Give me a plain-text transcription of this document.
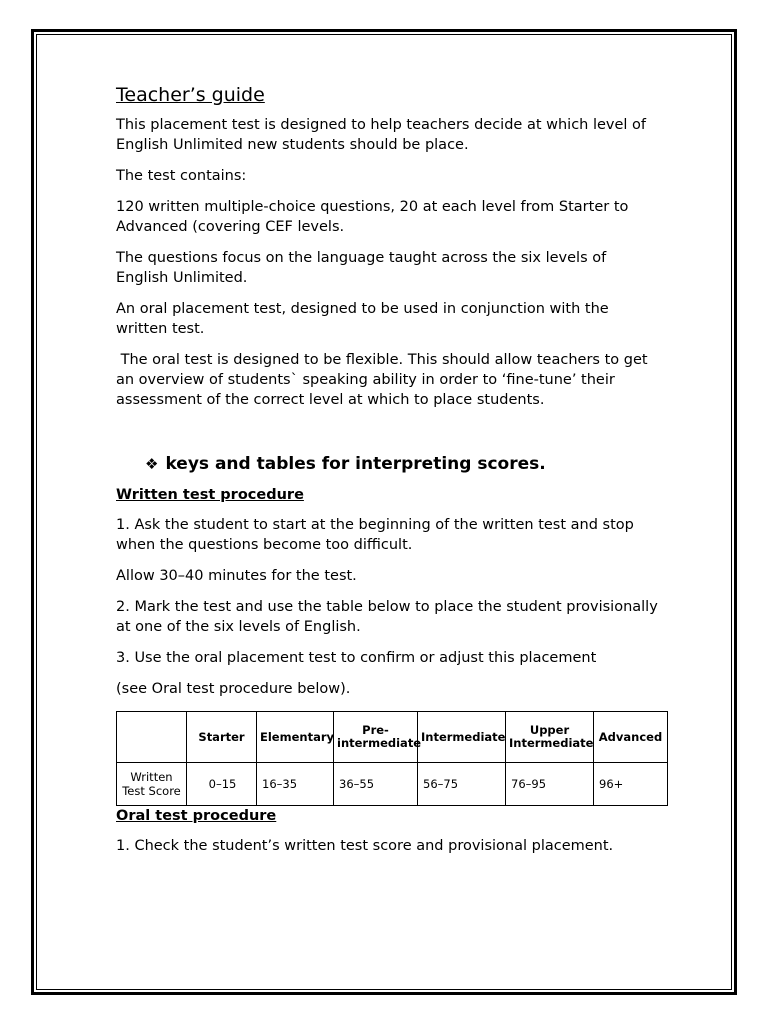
Teacher’s guide

This placement test is designed to help teachers decide at which level of English Unlimited new students should be place.

The test contains:

120 written multiple-choice questions, 20 at each level from Starter to Advanced (covering CEF levels.

The questions focus on the language taught across the six levels of English Unlimited.

An oral placement test, designed to be used in conjunction with the written test.

The oral test is designed to be flexible. This should allow teachers to get an overview of students` speaking ability in order to ‘fine-tune’ their assessment of the correct level at which to place students.

❖ keys and tables for interpreting scores.
Written test procedure

1. Ask the student to start at the beginning of the written test and stop when the questions become too difficult.

Allow 30–40 minutes for the test.

2. Mark the test and use the table below to place the student provisionally at one of the six levels of English.

3. Use the oral placement test to confirm or adjust this placement

(see Oral test procedure below).

	Starter	Elementary	Pre-intermediate	Intermediate	Upper Intermediate	Advanced
Written Test Score	0–15	16–35	36–55	56–75	76–95	96+
Oral test procedure

1. Check the student’s written test score and provisional placement.
